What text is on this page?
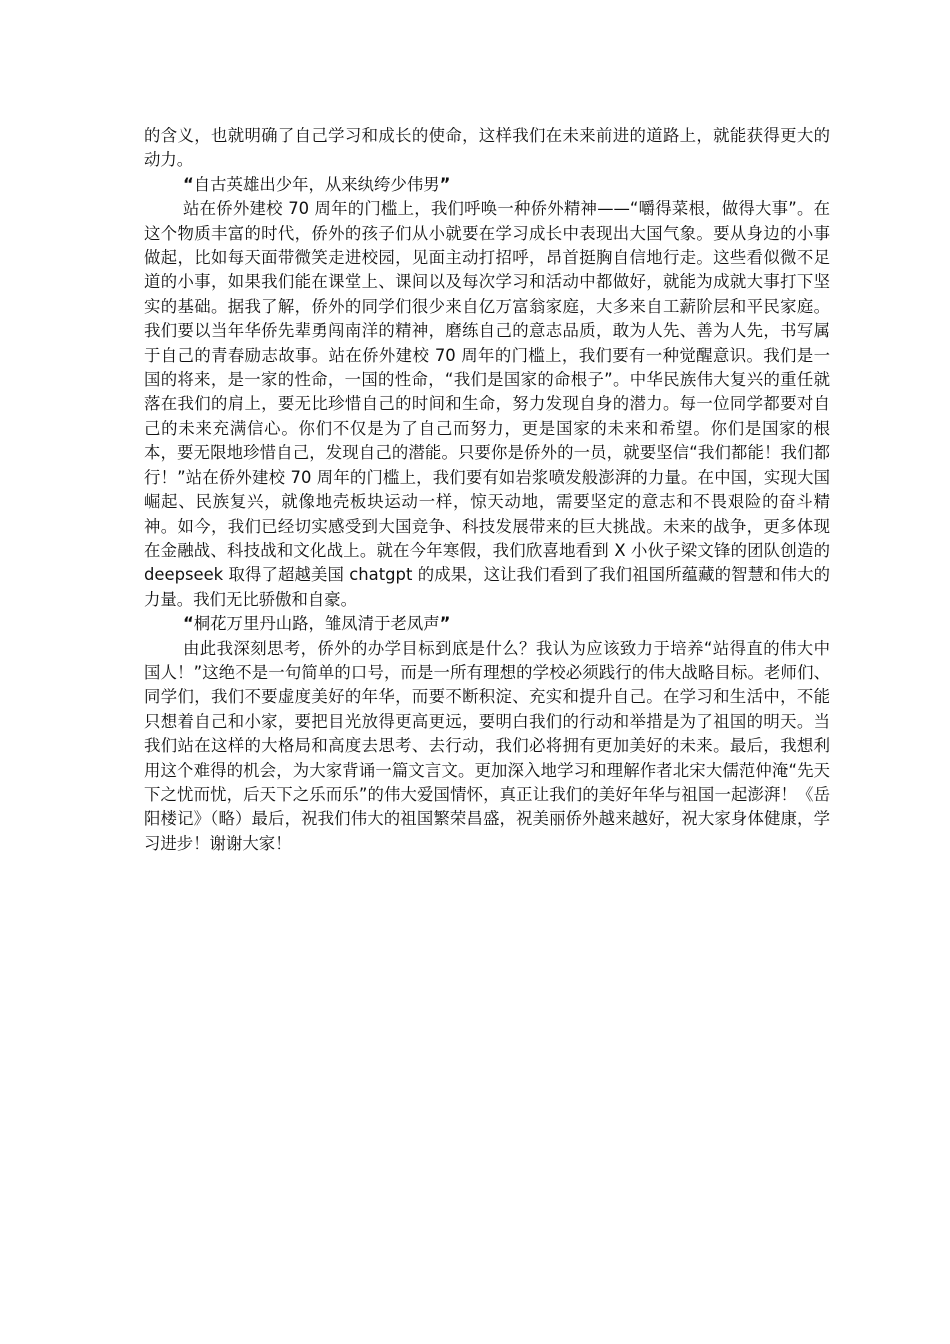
的含义，也就明确了自己学习和成长的使命，这样我们在未来前进的道路上，就能获得更大的动力。

“自古英雄出少年，从来纨绔少伟男”

站在侨外建校 70 周年的门槛上，我们呼唤一种侨外精神——“嚼得菜根，做得大事”。在这个物质丰富的时代，侨外的孩子们从小就要在学习成长中表现出大国气象。要从身边的小事做起，比如每天面带微笑走进校园，见面主动打招呼，昂首挺胸自信地行走。这些看似微不足道的小事，如果我们能在课堂上、课间以及每次学习和活动中都做好，就能为成就大事打下坚实的基础。据我了解，侨外的同学们很少来自亿万富翁家庭，大多来自工薪阶层和平民家庭。我们要以当年华侨先辈勇闯南洋的精神，磨练自己的意志品质，敢为人先、善为人先，书写属于自己的青春励志故事。站在侨外建校 70 周年的门槛上，我们要有一种觉醒意识。我们是一国的将来，是一家的性命，一国的性命，“我们是国家的命根子”。中华民族伟大复兴的重任就落在我们的肩上，要无比珍惜自己的时间和生命，努力发现自身的潜力。每一位同学都要对自己的未来充满信心。你们不仅是为了自己而努力，更是国家的未来和希望。你们是国家的根本，要无限地珍惜自己，发现自己的潜能。只要你是侨外的一员，就要坚信“我们都能！我们都行！”站在侨外建校 70 周年的门槛上，我们要有如岩浆喷发般澎湃的力量。在中国，实现大国崛起、民族复兴，就像地壳板块运动一样，惊天动地，需要坚定的意志和不畏艰险的奋斗精神。如今，我们已经切实感受到大国竞争、科技发展带来的巨大挑战。未来的战争，更多体现在金融战、科技战和文化战上。就在今年寒假，我们欣喜地看到 X 小伙子梁文锋的团队创造的 deepseek 取得了超越美国 chatgpt 的成果，这让我们看到了我们祖国所蕴藏的智慧和伟大的力量。我们无比骄傲和自豪。

“桐花万里丹山路，雏凤清于老凤声”

由此我深刻思考，侨外的办学目标到底是什么？我认为应该致力于培养“站得直的伟大中国人！”这绝不是一句简单的口号，而是一所有理想的学校必须践行的伟大战略目标。老师们、同学们，我们不要虚度美好的年华，而要不断积淀、充实和提升自己。在学习和生活中，不能只想着自己和小家，要把目光放得更高更远，要明白我们的行动和举措是为了祖国的明天。当我们站在这样的大格局和高度去思考、去行动，我们必将拥有更加美好的未来。最后，我想利用这个难得的机会，为大家背诵一篇文言文。更加深入地学习和理解作者北宋大儒范仲淹“先天下之忧而忧，后天下之乐而乐”的伟大爱国情怀，真正让我们的美好年华与祖国一起澎湃！《岳阳楼记》（略）最后，祝我们伟大的祖国繁荣昌盛，祝美丽侨外越来越好，祝大家身体健康，学习进步！谢谢大家！
